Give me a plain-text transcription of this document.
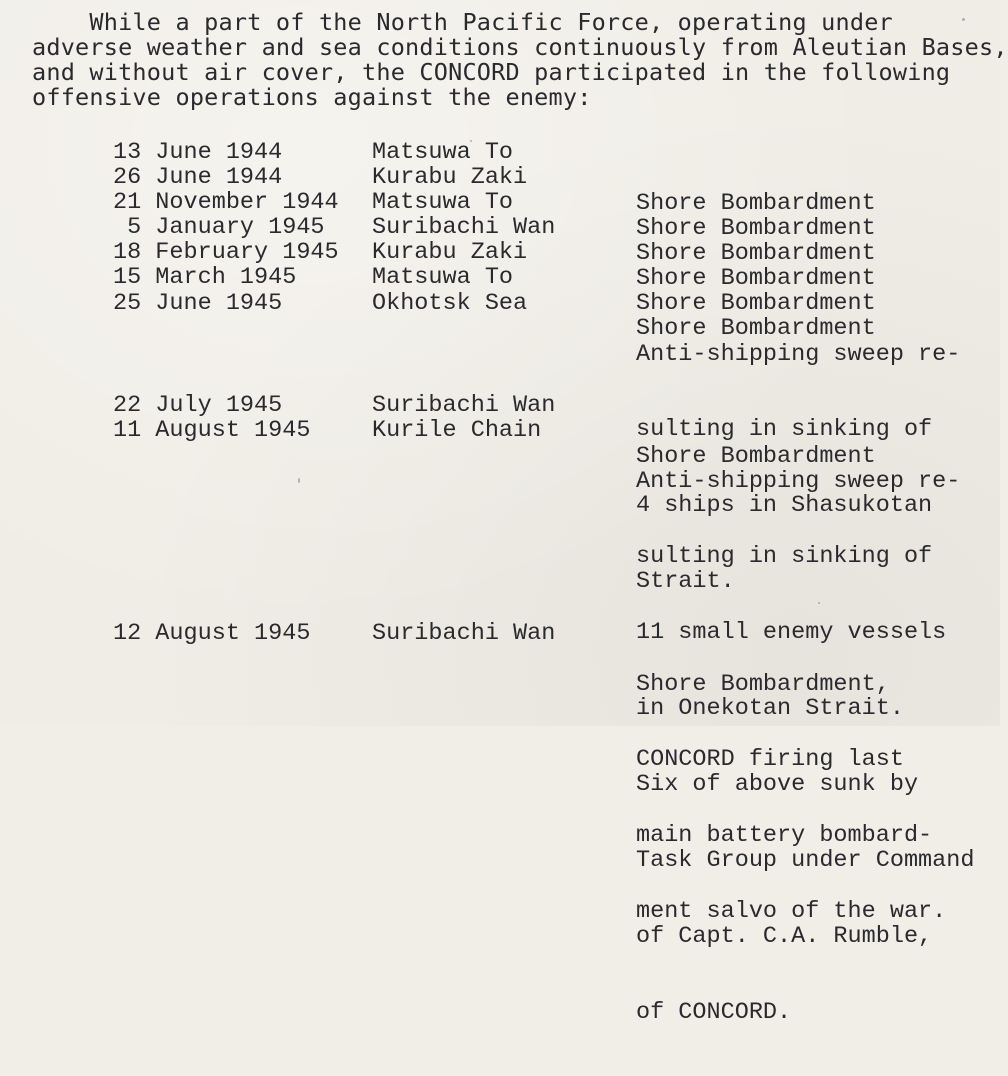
While a part of the North Pacific Force, operating under
adverse weather and sea conditions continuously from Aleutian Bases,
and without air cover, the CONCORD participated in the following
offensive operations against the enemy:
13 June 1944	Matsuwa To

Shore Bombardment

26 June 1944	Kurabu Zaki

Shore Bombardment

21 November 1944 Matsuwa To

Shore Bombardment

5 January 1945 Suribachi Wan

Shore Bombardment

18 February 1945 Kurabu Zaki

Shore Bombardment

15 March 1945	Matsuwa To

Shore Bombardment

25 June 1945	Okhotsk Sea

Anti-shipping sweep re-

sulting in sinking of

4 ships in Shasukotan

Strait.

22 July 1945	Suribachi Wan

Shore Bombardment

11 August 1945	Kurile Chain

Anti-shipping sweep re-

sulting in sinking of

11 small enemy vessels

in Onekotan Strait.

Six of above sunk by

Task Group under Command

of Capt. C.A. Rumble,

of CONCORD.

12 August 1945	Suribachi Wan

Shore Bombardment,

CONCORD firing last

main battery bombard-

ment salvo of the war.
